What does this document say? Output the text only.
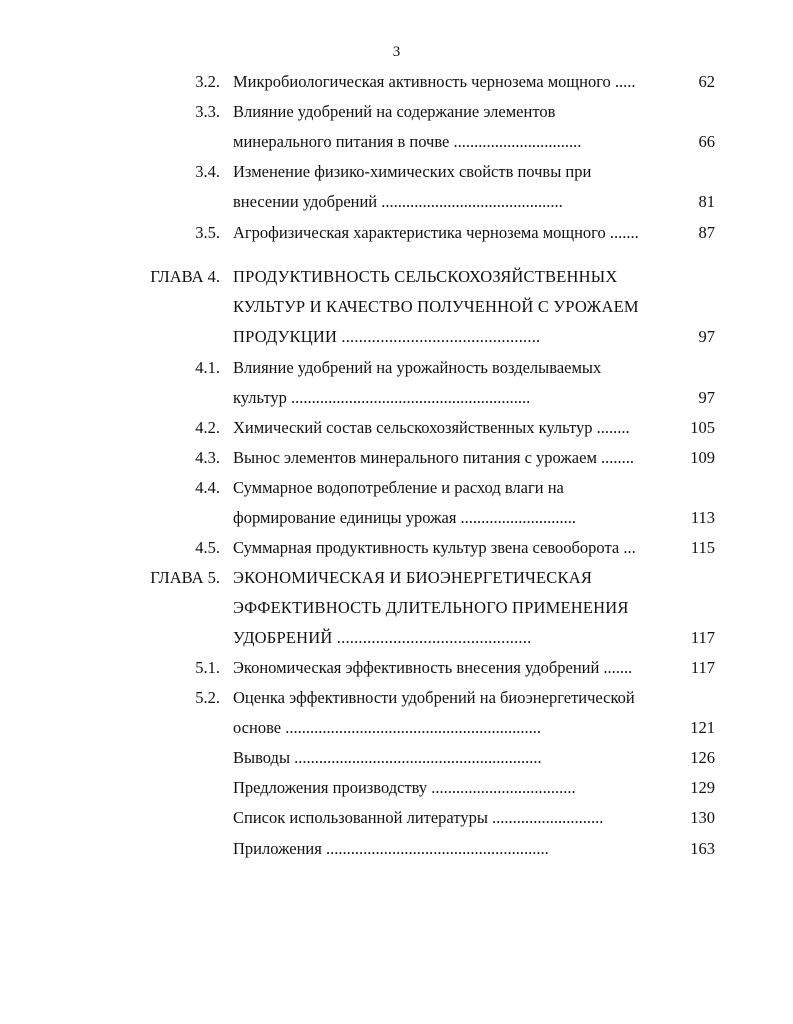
3
3.2. Микробиологическая активность чернозема мощного .....	62
3.3. Влияние удобрений на содержание элементов
минерального питания в почве ...............................	66
3.4. Изменение физико-химических свойств почвы при
внесении удобрений ............................................	81
3.5. Агрофизическая характеристика чернозема мощного .......	87
ГЛАВА 4. ПРОДУКТИВНОСТЬ СЕЛЬСКОХОЗЯЙСТВЕННЫХ
КУЛЬТУР И КАЧЕСТВО ПОЛУЧЕННОЙ С УРОЖАЕМ
ПРОДУКЦИИ ..............................................	97
4.1. Влияние удобрений на урожайность возделываемых
культур ..........................................................	97
4.2. Химический состав сельскохозяйственных культур ........	105
4.3. Вынос элементов минерального питания с урожаем ........	109
4.4. Суммарное водопотребление и расход влаги на
формирование единицы урожая ............................	113
4.5. Суммарная продуктивность культур звена севооборота ...	115
ГЛАВА 5. ЭКОНОМИЧЕСКАЯ И БИОЭНЕРГЕТИЧЕСКАЯ
ЭФФЕКТИВНОСТЬ ДЛИТЕЛЬНОГО ПРИМЕНЕНИЯ
УДОБРЕНИЙ .............................................	117
5.1. Экономическая эффективность внесения удобрений .......	117
5.2. Оценка эффективности удобрений на биоэнергетической
основе ..............................................................	121
Выводы ............................................................	126
Предложения производству ...................................	129
Список использованной литературы ...........................	130
Приложения ......................................................	163
